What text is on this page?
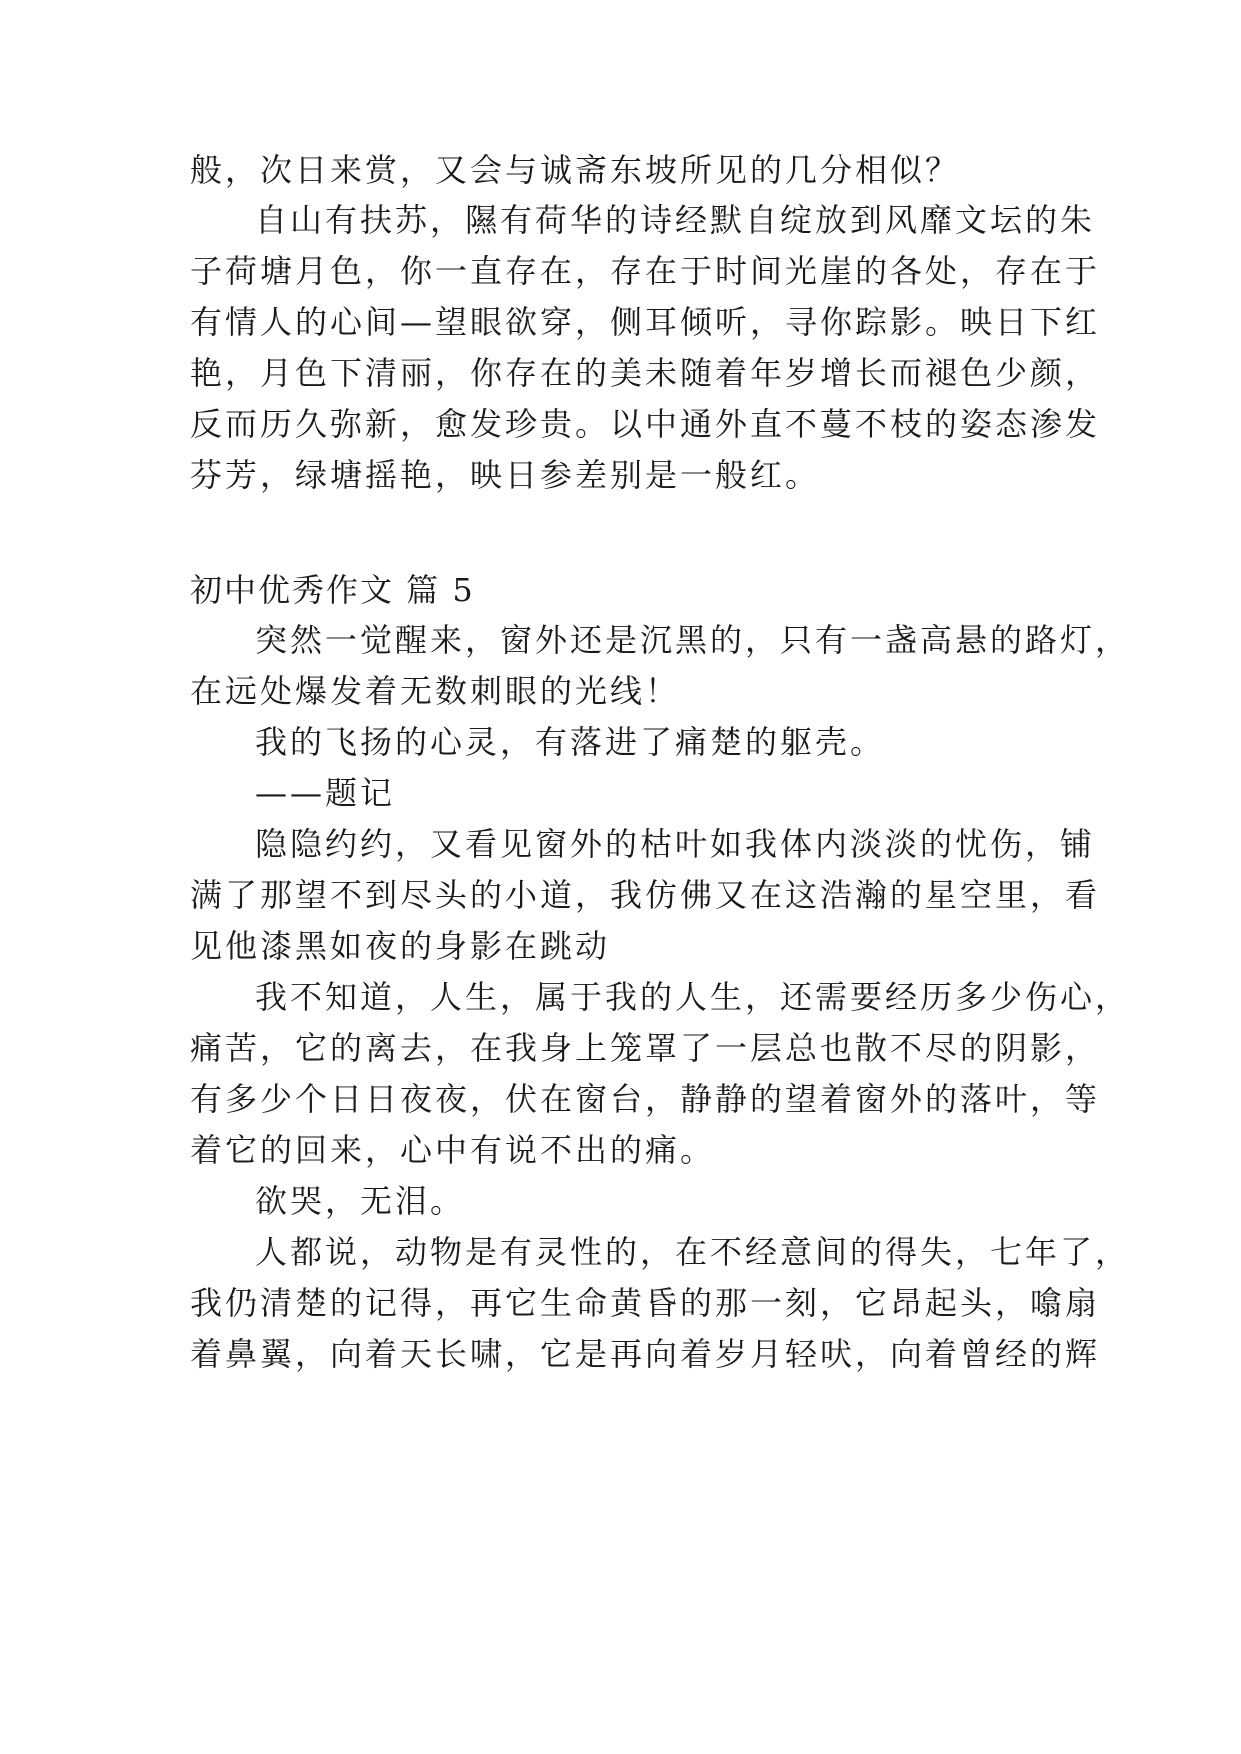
般，次日来赏，又会与诚斋东坡所见的几分相似？
自山有扶苏，隰有荷华的诗经默自绽放到风靡文坛的朱
子荷塘月色，你一直存在，存在于时间光崖的各处，存在于
有情人的心间—望眼欲穿，侧耳倾听，寻你踪影。映日下红
艳，月色下清丽，你存在的美未随着年岁增长而褪色少颜，
反而历久弥新，愈发珍贵。以中通外直不蔓不枝的姿态渗发
芬芳，绿塘摇艳，映日参差别是一般红。
初中优秀作文 篇 5
突然一觉醒来，窗外还是沉黑的，只有一盏高悬的路灯，
在远处爆发着无数刺眼的光线！
我的飞扬的心灵，有落进了痛楚的躯壳。
——题记
隐隐约约，又看见窗外的枯叶如我体内淡淡的忧伤，铺
满了那望不到尽头的小道，我仿佛又在这浩瀚的星空里，看
见他漆黑如夜的身影在跳动
我不知道，人生，属于我的人生，还需要经历多少伤心，
痛苦，它的离去，在我身上笼罩了一层总也散不尽的阴影，
有多少个日日夜夜，伏在窗台，静静的望着窗外的落叶，等
着它的回来，心中有说不出的痛。
欲哭，无泪。
人都说，动物是有灵性的，在不经意间的得失，七年了，
我仍清楚的记得，再它生命黄昏的那一刻，它昂起头，噏扇
着鼻翼，向着天长啸，它是再向着岁月轻吠，向着曾经的辉
